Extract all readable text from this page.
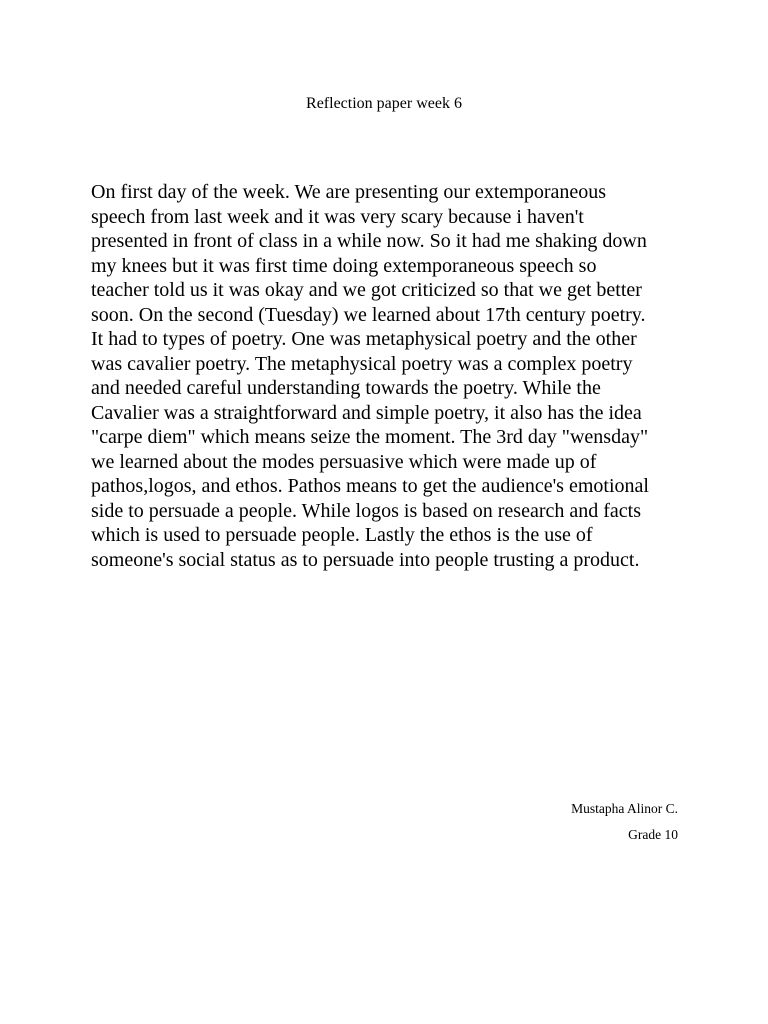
Reflection paper week 6
On first day of the week. We are presenting our extemporaneous
speech from last week and it was very scary because i haven't
presented in front of class in a while now. So it had me shaking down
my knees but it was first time doing extemporaneous speech so
teacher told us it was okay and we got criticized so that we get better
soon. On the second (Tuesday) we learned about 17th century poetry.
It had to types of poetry. One was metaphysical poetry and the other
was cavalier poetry. The metaphysical poetry was a complex poetry
and needed careful understanding towards the poetry. While the
Cavalier was a straightforward and simple poetry, it also has the idea
"carpe diem" which means seize the moment. The 3rd day "wensday"
we learned about the modes persuasive which were made up of
pathos,logos, and ethos. Pathos means to get the audience's emotional
side to persuade a people. While logos is based on research and facts
which is used to persuade people. Lastly the ethos is the use of
someone's social status as to persuade into people trusting a product.
Mustapha Alinor C.
Grade 10
